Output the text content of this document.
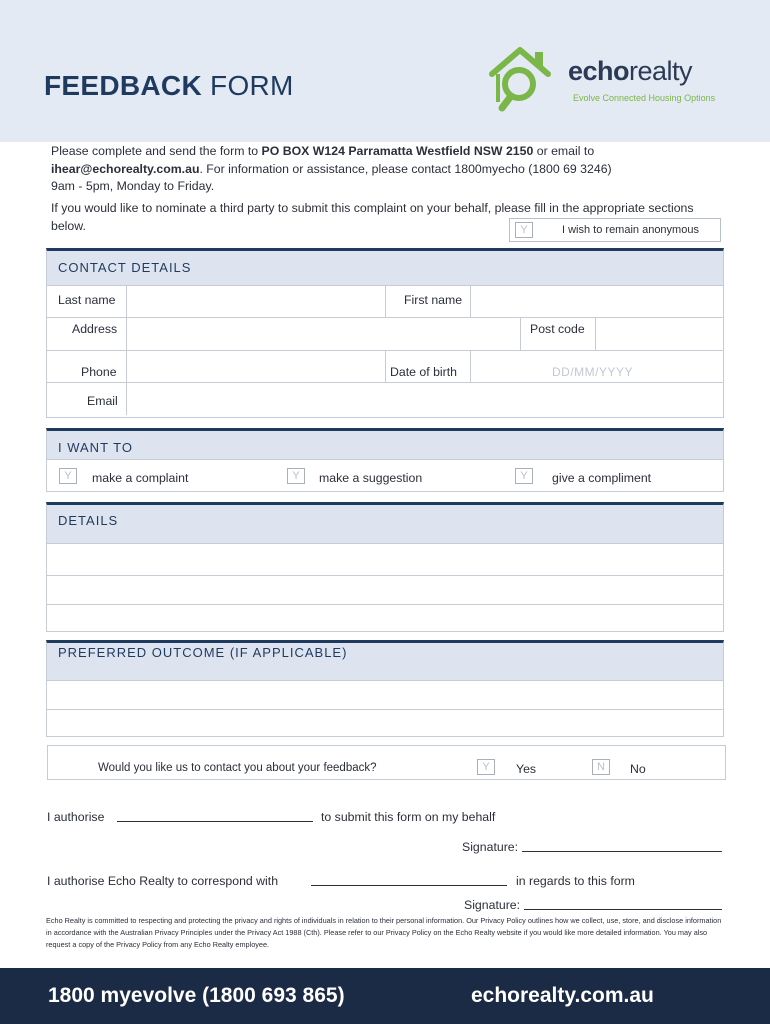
FEEDBACK FORM	echorealty
Evolve Connected Housing Options
Please complete and send the form to PO BOX W124 Parramatta Westfield NSW 2150 or email to
ihear@echorealty.com.au. For information or assistance, please contact 1800myecho (1800 69 3246)
9am - 5pm, Monday to Friday.
If you would like to nominate a third party to submit this complaint on your behalf, please fill in the appropriate sections below.	Y	I wish to remain anonymous
CONTACT DETAILS
Last name	First name
Address	Post code
Phone	Date of birth	DD/MM/YYYY
Email
I WANT TO
Y	make a complaint	Y	make a suggestion	Y	give a compliment
DETAILS
PREFERRED OUTCOME (IF APPLICABLE)
Would you like us to contact you about your feedback?	Y	Yes	N	No
I authorise	to submit this form on my behalf
Signature:
I authorise Echo Realty to correspond with	in regards to this form
Signature:
Echo Realty is committed to respecting and protecting the privacy and rights of individuals in relation to their personal information. Our Privacy Policy outlines how we collect, use, store, and disclose information in accordance with the Australian Privacy Principles under the Privacy Act 1988 (Cth). Please refer to our Privacy Policy on the Echo Realty website if you would like more detailed information. You may also request a copy of the Privacy Policy from any Echo Realty employee.
1800 myevolve (1800 693 865)	echorealty.com.au
